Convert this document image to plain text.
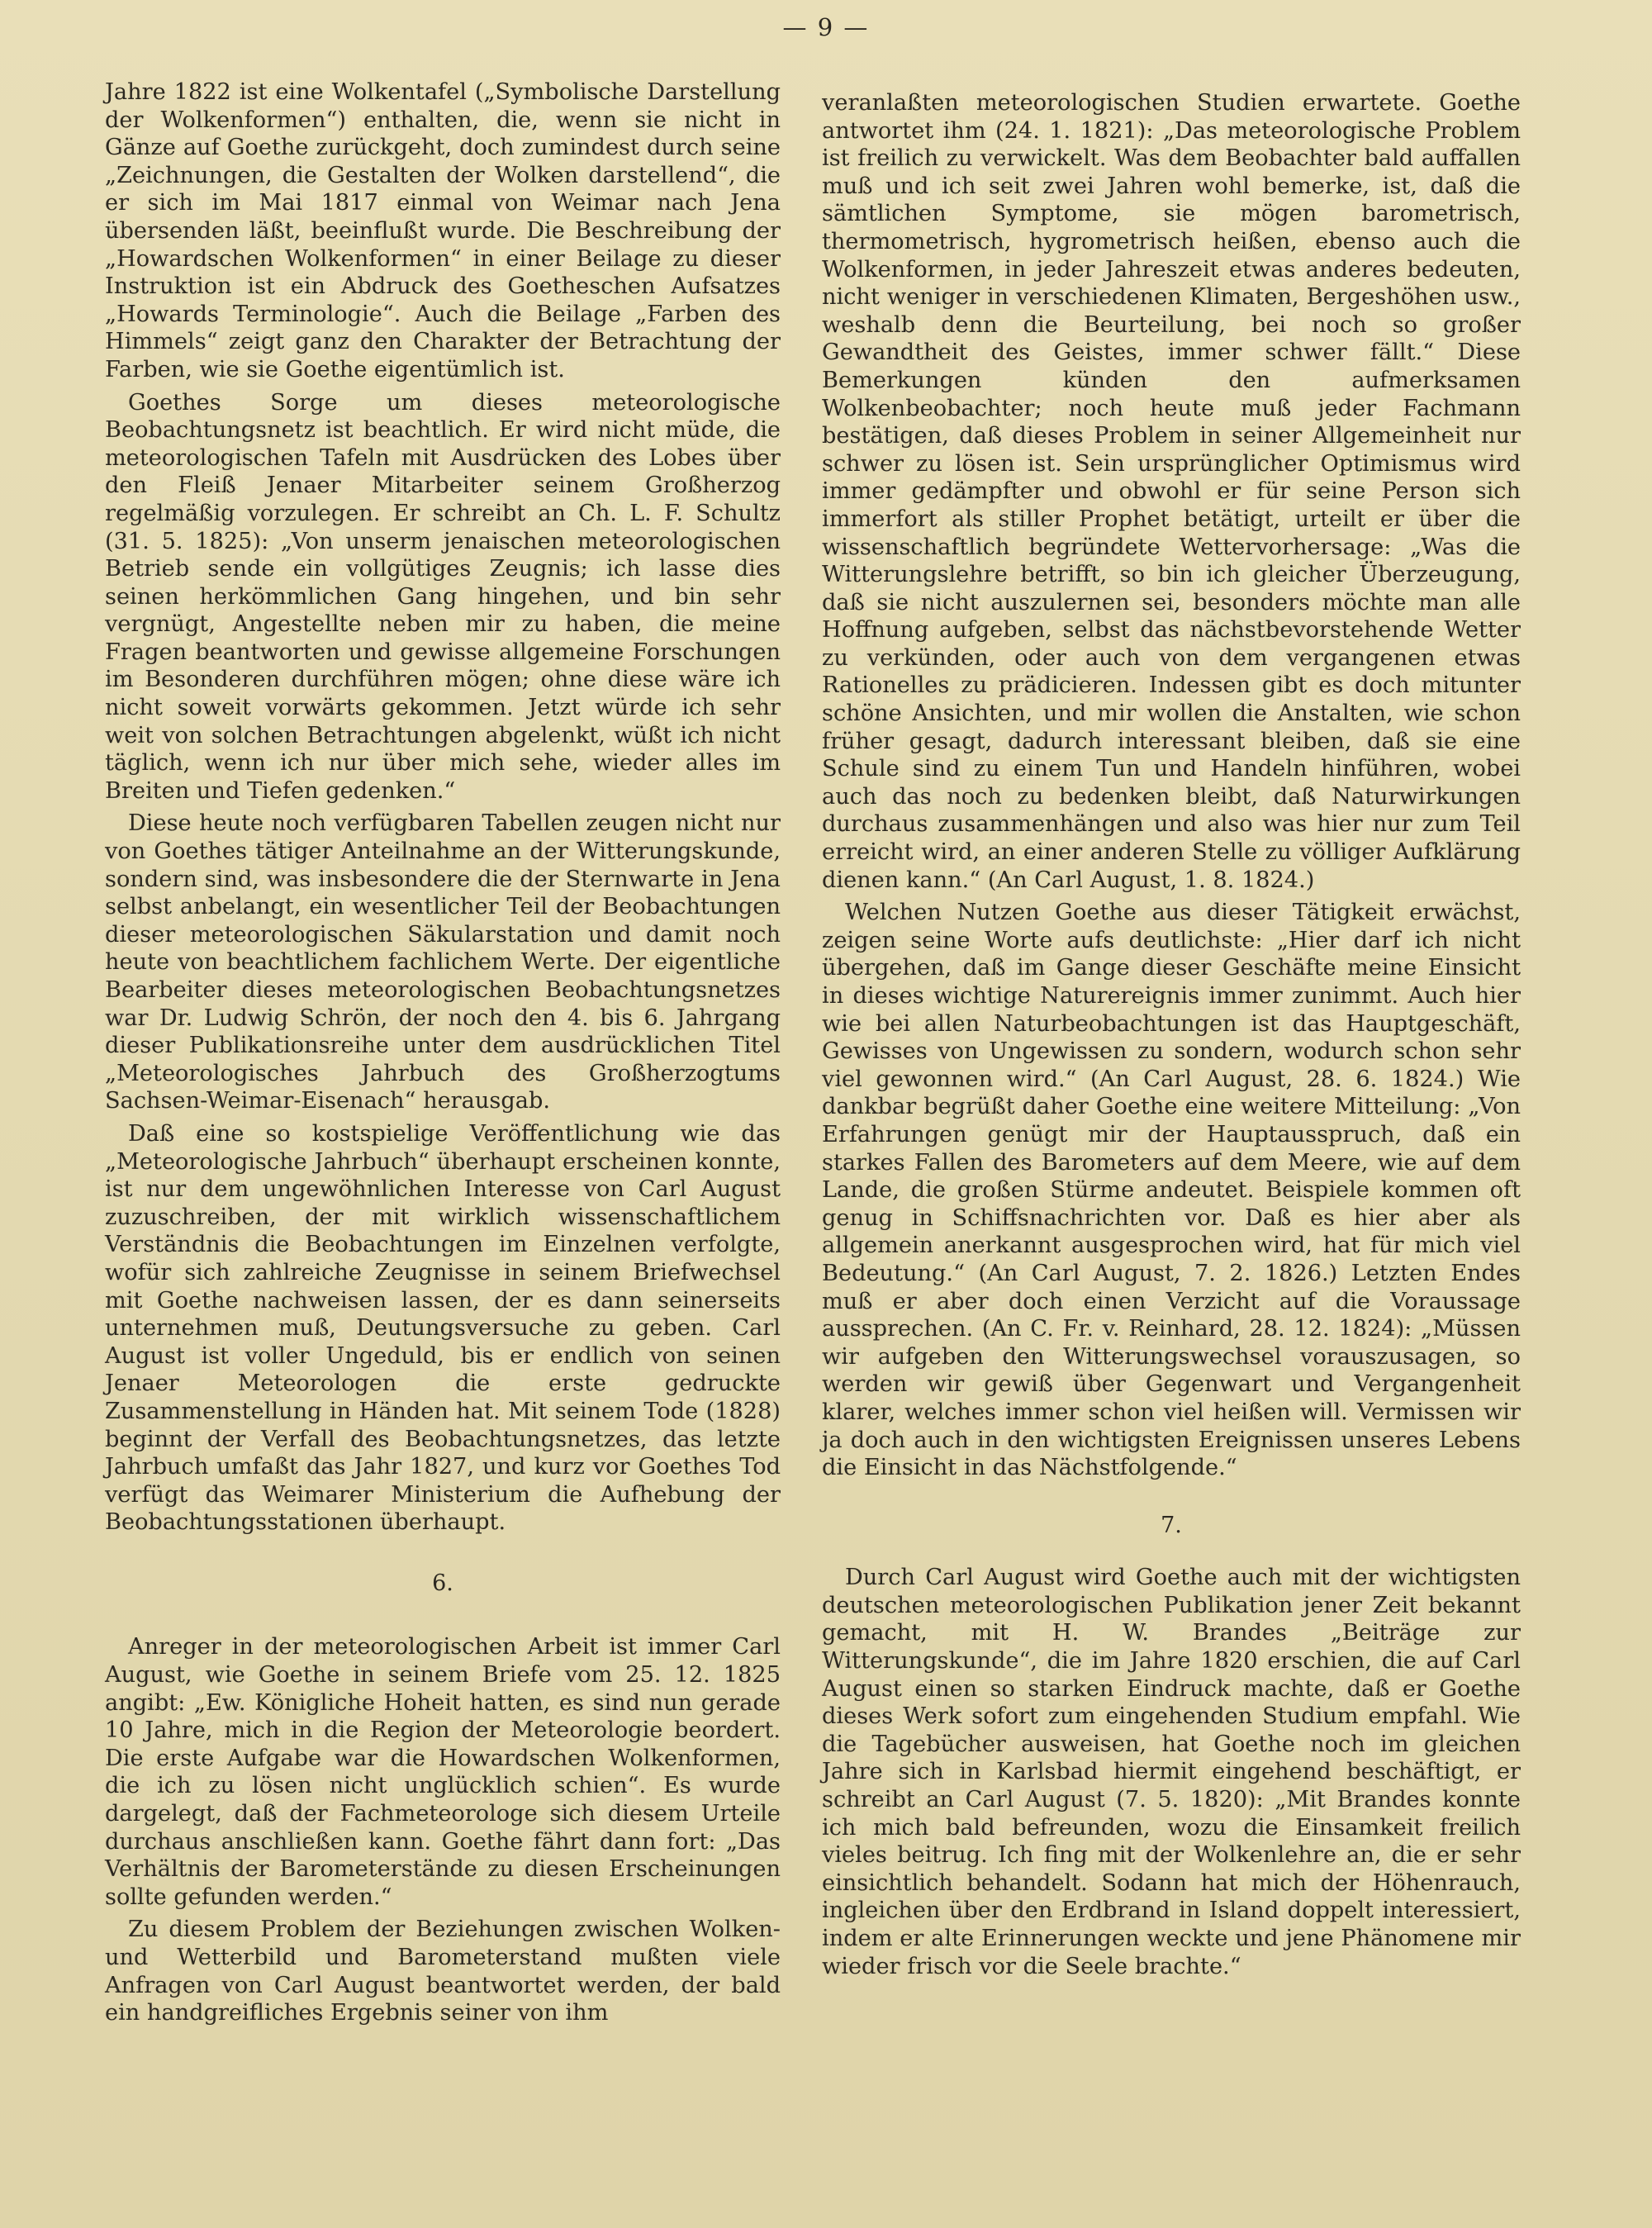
— 9 —

Jahre 1822 ist eine Wolkentafel („Symbolische Darstellung der Wolkenformen“) enthalten, die, wenn sie nicht in Gänze auf Goethe zurückgeht, doch zumindest durch seine „Zeichnungen, die Gestalten der Wolken darstellend“, die er sich im Mai 1817 einmal von Weimar nach Jena übersenden läßt, beeinflußt wurde. Die Beschreibung der „Howardschen Wolkenformen“ in einer Beilage zu dieser Instruktion ist ein Abdruck des Goetheschen Aufsatzes „Howards Terminologie“. Auch die Beilage „Farben des Himmels“ zeigt ganz den Charakter der Betrachtung der Farben, wie sie Goethe eigentümlich ist.

Goethes Sorge um dieses meteorologische Beobachtungsnetz ist beachtlich. Er wird nicht müde, die meteorologischen Tafeln mit Ausdrücken des Lobes über den Fleiß Jenaer Mitarbeiter seinem Großherzog regelmäßig vorzulegen. Er schreibt an Ch. L. F. Schultz (31. 5. 1825): „Von unserm jenaischen meteorologischen Betrieb sende ein vollgütiges Zeugnis; ich lasse dies seinen herkömmlichen Gang hingehen, und bin sehr vergnügt, Angestellte neben mir zu haben, die meine Fragen beantworten und gewisse allgemeine Forschungen im Besonderen durchführen mögen; ohne diese wäre ich nicht soweit vorwärts gekommen. Jetzt würde ich sehr weit von solchen Betrachtungen abgelenkt, wüßt ich nicht täglich, wenn ich nur über mich sehe, wieder alles im Breiten und Tiefen gedenken.“

Diese heute noch verfügbaren Tabellen zeugen nicht nur von Goethes tätiger Anteilnahme an der Witterungskunde, sondern sind, was insbesondere die der Sternwarte in Jena selbst anbelangt, ein wesentlicher Teil der Beobachtungen dieser meteorologischen Säkularstation und damit noch heute von beachtlichem fachlichem Werte. Der eigentliche Bearbeiter dieses meteorologischen Beobachtungsnetzes war Dr. Ludwig Schrön, der noch den 4. bis 6. Jahrgang dieser Publikationsreihe unter dem ausdrücklichen Titel „Meteorologisches Jahrbuch des Großherzogtums Sachsen-Weimar-Eisenach“ herausgab.

Daß eine so kostspielige Veröffentlichung wie das „Meteorologische Jahrbuch“ überhaupt erscheinen konnte, ist nur dem ungewöhnlichen Interesse von Carl August zuzuschreiben, der mit wirklich wissenschaftlichem Verständnis die Beobachtungen im Einzelnen verfolgte, wofür sich zahlreiche Zeugnisse in seinem Briefwechsel mit Goethe nachweisen lassen, der es dann seinerseits unternehmen muß, Deutungsversuche zu geben. Carl August ist voller Ungeduld, bis er endlich von seinen Jenaer Meteorologen die erste gedruckte Zusammenstellung in Händen hat. Mit seinem Tode (1828) beginnt der Verfall des Beobachtungsnetzes, das letzte Jahrbuch umfaßt das Jahr 1827, und kurz vor Goethes Tod verfügt das Weimarer Ministerium die Aufhebung der Beobachtungsstationen überhaupt.

6.

Anreger in der meteorologischen Arbeit ist immer Carl August, wie Goethe in seinem Briefe vom 25. 12. 1825 angibt: „Ew. Königliche Hoheit hatten, es sind nun gerade 10 Jahre, mich in die Region der Meteorologie beordert. Die erste Aufgabe war die Howardschen Wolkenformen, die ich zu lösen nicht unglücklich schien“. Es wurde dargelegt, daß der Fachmeteorologe sich diesem Urteile durchaus anschließen kann. Goethe fährt dann fort: „Das Verhältnis der Barometerstände zu diesen Erscheinungen sollte gefunden werden.“

Zu diesem Problem der Beziehungen zwischen Wolken- und Wetterbild und Barometerstand mußten viele Anfragen von Carl August beantwortet werden, der bald ein handgreifliches Ergebnis seiner von ihm

veranlaßten meteorologischen Studien erwartete. Goethe antwortet ihm (24. 1. 1821): „Das meteorologische Problem ist freilich zu verwickelt. Was dem Beobachter bald auffallen muß und ich seit zwei Jahren wohl bemerke, ist, daß die sämtlichen Symptome, sie mögen barometrisch, thermometrisch, hygrometrisch heißen, ebenso auch die Wolkenformen, in jeder Jahreszeit etwas anderes bedeuten, nicht weniger in verschiedenen Klimaten, Bergeshöhen usw., weshalb denn die Beurteilung, bei noch so großer Gewandtheit des Geistes, immer schwer fällt.“ Diese Bemerkungen künden den aufmerksamen Wolkenbeobachter; noch heute muß jeder Fachmann bestätigen, daß dieses Problem in seiner Allgemeinheit nur schwer zu lösen ist. Sein ursprünglicher Optimismus wird immer gedämpfter und obwohl er für seine Person sich immerfort als stiller Prophet betätigt, urteilt er über die wissenschaftlich begründete Wettervorhersage: „Was die Witterungslehre betrifft, so bin ich gleicher Überzeugung, daß sie nicht auszulernen sei, besonders möchte man alle Hoffnung aufgeben, selbst das nächstbevorstehende Wetter zu verkünden, oder auch von dem vergangenen etwas Rationelles zu prädicieren. Indessen gibt es doch mitunter schöne Ansichten, und mir wollen die Anstalten, wie schon früher gesagt, dadurch interessant bleiben, daß sie eine Schule sind zu einem Tun und Handeln hinführen, wobei auch das noch zu bedenken bleibt, daß Naturwirkungen durchaus zusammenhängen und also was hier nur zum Teil erreicht wird, an einer anderen Stelle zu völliger Aufklärung dienen kann.“ (An Carl August, 1. 8. 1824.)

Welchen Nutzen Goethe aus dieser Tätigkeit erwächst, zeigen seine Worte aufs deutlichste: „Hier darf ich nicht übergehen, daß im Gange dieser Geschäfte meine Einsicht in dieses wichtige Naturereignis immer zunimmt. Auch hier wie bei allen Naturbeobachtungen ist das Hauptgeschäft, Gewisses von Ungewissen zu sondern, wodurch schon sehr viel gewonnen wird.“ (An Carl August, 28. 6. 1824.) Wie dankbar begrüßt daher Goethe eine weitere Mitteilung: „Von Erfahrungen genügt mir der Hauptausspruch, daß ein starkes Fallen des Barometers auf dem Meere, wie auf dem Lande, die großen Stürme andeutet. Beispiele kommen oft genug in Schiffsnachrichten vor. Daß es hier aber als allgemein anerkannt ausgesprochen wird, hat für mich viel Bedeutung.“ (An Carl August, 7. 2. 1826.) Letzten Endes muß er aber doch einen Verzicht auf die Voraussage aussprechen. (An C. Fr. v. Reinhard, 28. 12. 1824): „Müssen wir aufgeben den Witterungswechsel vorauszusagen, so werden wir gewiß über Gegenwart und Vergangenheit klarer, welches immer schon viel heißen will. Vermissen wir ja doch auch in den wichtigsten Ereignissen unseres Lebens die Einsicht in das Nächstfolgende.“

7.

Durch Carl August wird Goethe auch mit der wichtigsten deutschen meteorologischen Publikation jener Zeit bekannt gemacht, mit H. W. Brandes „Beiträge zur Witterungskunde“, die im Jahre 1820 erschien, die auf Carl August einen so starken Eindruck machte, daß er Goethe dieses Werk sofort zum eingehenden Studium empfahl. Wie die Tagebücher ausweisen, hat Goethe noch im gleichen Jahre sich in Karlsbad hiermit eingehend beschäftigt, er schreibt an Carl August (7. 5. 1820): „Mit Brandes konnte ich mich bald befreunden, wozu die Einsamkeit freilich vieles beitrug. Ich fing mit der Wolkenlehre an, die er sehr einsichtlich behandelt. Sodann hat mich der Höhenrauch, ingleichen über den Erdbrand in Island doppelt interessiert, indem er alte Erinnerungen weckte und jene Phänomene mir wieder frisch vor die Seele brachte.“
